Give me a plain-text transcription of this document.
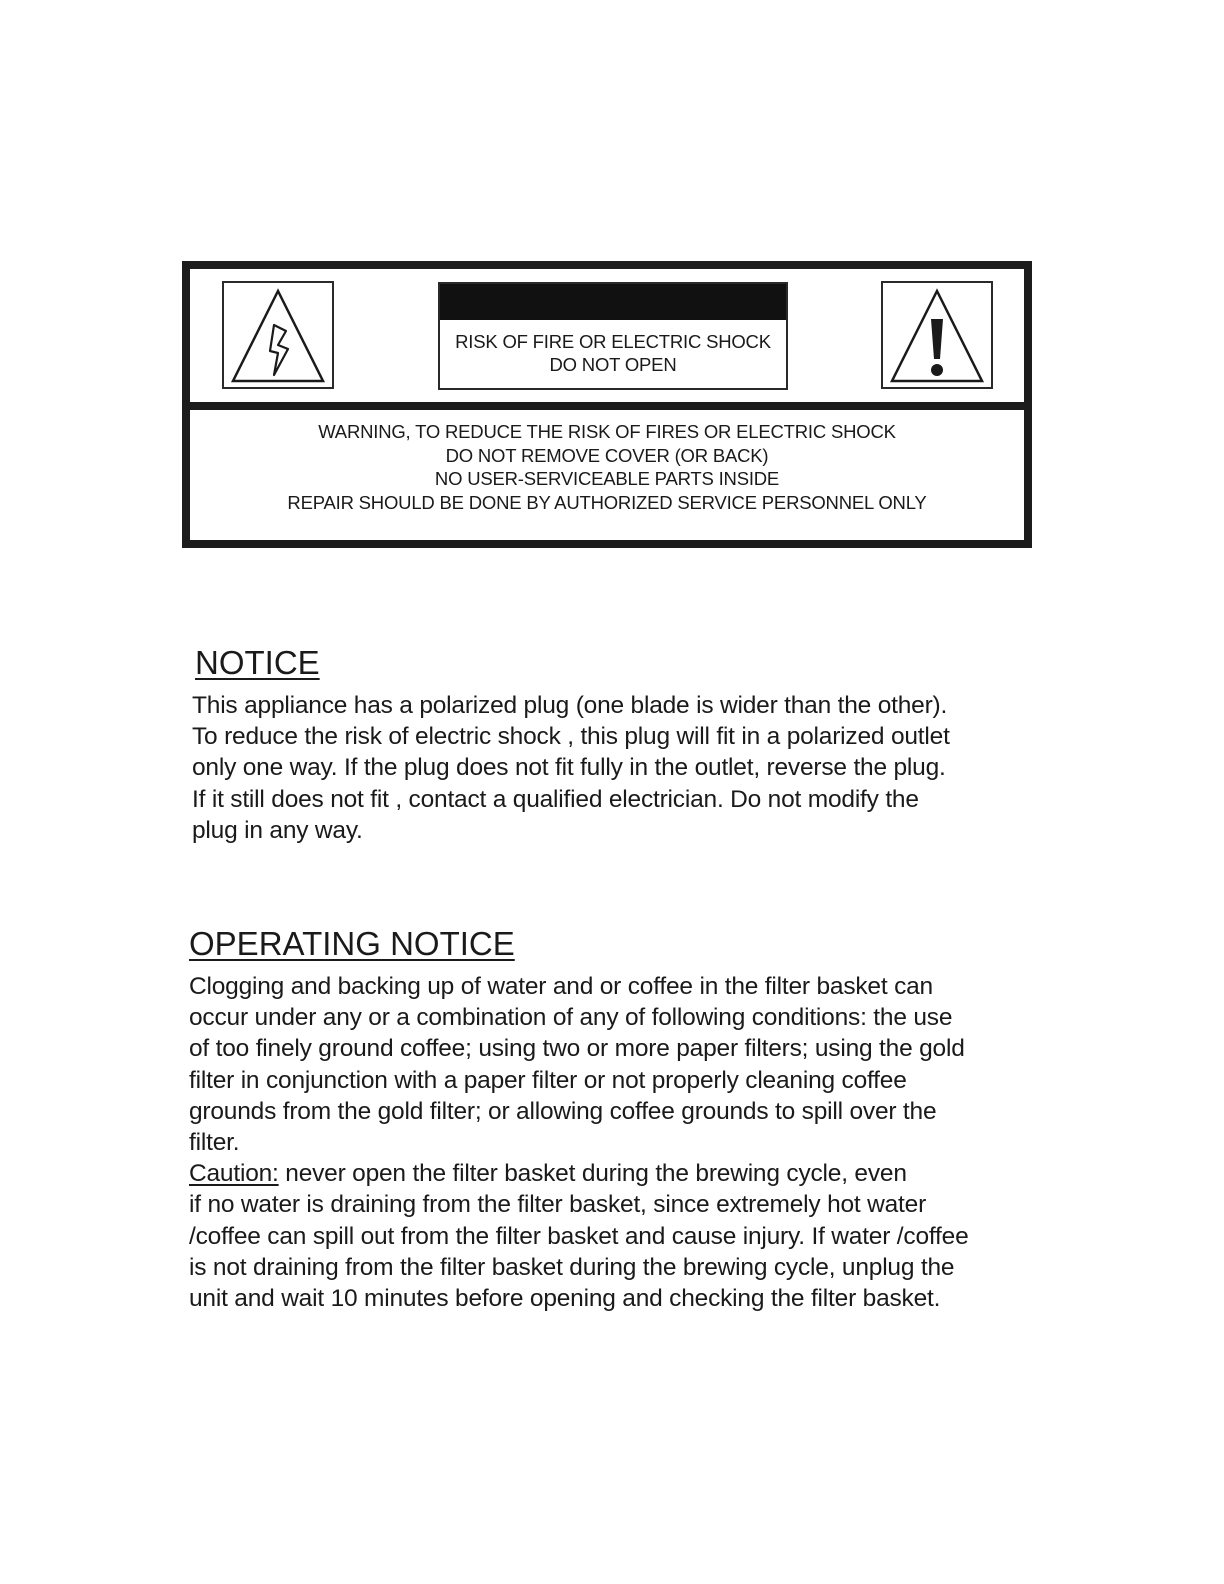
RISK OF FIRE OR ELECTRIC SHOCK
DO NOT OPEN
WARNING, TO REDUCE THE RISK OF FIRES OR ELECTRIC SHOCK
DO NOT REMOVE COVER (OR BACK)
NO USER-SERVICEABLE PARTS INSIDE
REPAIR SHOULD BE DONE BY AUTHORIZED SERVICE PERSONNEL ONLY
NOTICE
This appliance has a polarized plug (one blade is wider than the other).
To reduce the risk of electric shock , this plug will fit in a polarized outlet
only one way. If the plug does not fit fully in the outlet, reverse the plug.
If it still does not fit , contact a qualified electrician. Do not modify the
plug in any way.
OPERATING NOTICE
Clogging and backing up of water and or coffee in the filter basket can
occur under any or a combination of any of following conditions: the use
of too finely ground coffee; using two or more paper filters; using the gold
filter in conjunction with a paper filter or not properly cleaning coffee
grounds from the gold filter; or allowing coffee grounds to spill over the
filter.
Caution: never open the filter basket during the brewing cycle, even
if no water is draining from the filter basket, since extremely hot water
/coffee can spill out from the filter basket and cause injury. If water /coffee
is not draining from the filter basket during the brewing cycle, unplug the
unit and wait 10 minutes before opening and checking the filter basket.
